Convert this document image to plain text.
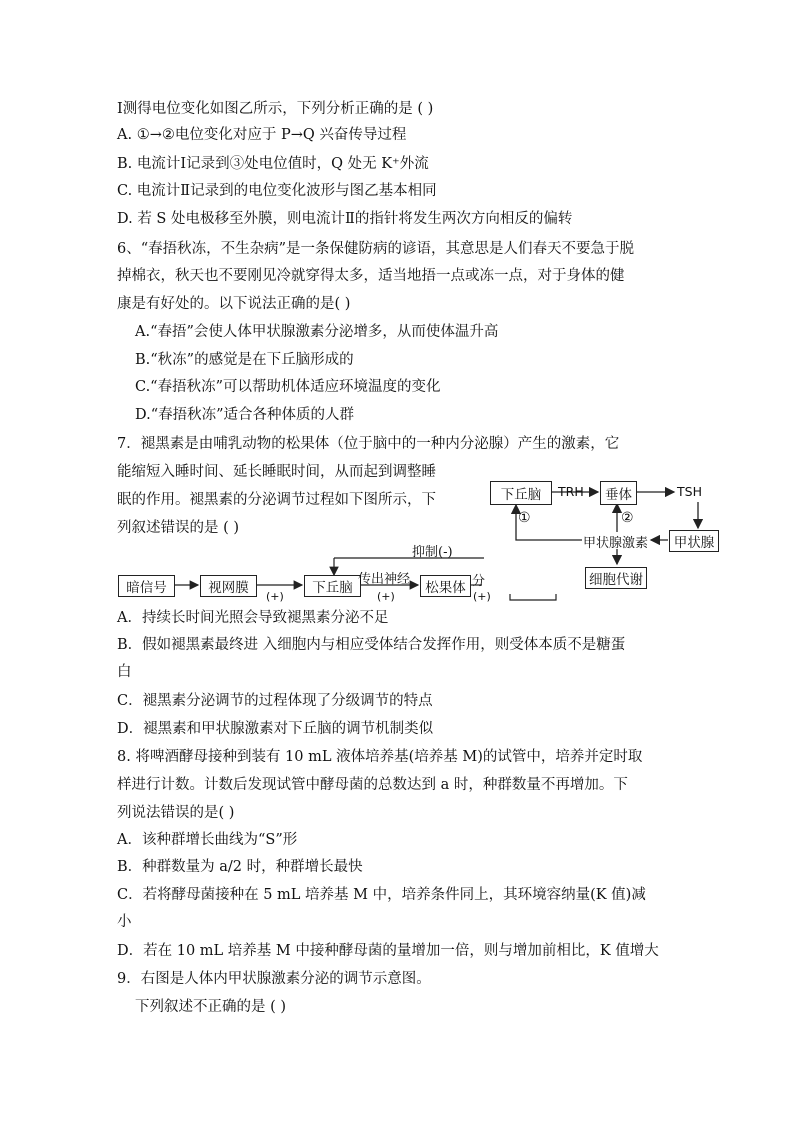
Ⅰ测得电位变化如图乙所示，下列分析正确的是 ( )
A. ①→②电位变化对应于 P→Q 兴奋传导过程
B. 电流计Ⅰ记录到③处电位值时，Q 处无 K⁺外流
C. 电流计Ⅱ记录到的电位变化波形与图乙基本相同
D. 若 S 处电极移至外膜，则电流计Ⅱ的指针将发生两次方向相反的偏转
6、“春捂秋冻，不生杂病”是一条保健防病的谚语，其意思是人们春天不要急于脱
掉棉衣，秋天也不要刚见冷就穿得太多，适当地捂一点或冻一点，对于身体的健
康是有好处的。以下说法正确的是( )
A.“春捂”会使人体甲状腺激素分泌增多，从而使体温升高
B.“秋冻”的感觉是在下丘脑形成的
C.“春捂秋冻”可以帮助机体适应环境温度的变化
D.“春捂秋冻”适合各种体质的人群
7．褪黑素是由哺乳动物的松果体（位于脑中的一种内分泌腺）产生的激素，它
能缩短入睡时间、延长睡眠时间，从而起到调整睡
眠的作用。褪黑素的分泌调节过程如下图所示，下
列叙述错误的是 ( )
A．持续长时间光照会导致褪黑素分泌不足
B．假如褪黑素最终进 入细胞内与相应受体结合发挥作用，则受体本质不是糖蛋
白
C．褪黑素分泌调节的过程体现了分级调节的特点
D．褪黑素和甲状腺激素对下丘脑的调节机制类似
8. 将啤酒酵母接种到装有 10 mL 液体培养基(培养基 M)的试管中，培养并定时取
样进行计数。计数后发现试管中酵母菌的总数达到 a 时，种群数量不再增加。下
列说法错误的是( )
A．该种群增长曲线为“S”形
B．种群数量为 a/2 时，种群增长最快
C．若将酵母菌接种在 5 mL 培养基 M 中，培养条件同上，其环境容纳量(K 值)减
小
D．若在 10 mL 培养基 M 中接种酵母菌的量增加一倍，则与增加前相比，K 值增大
9．右图是人体内甲状腺激素分泌的调节示意图。
下列叙述不正确的是 ( )
下丘脑	TRH	垂体	TSH
甲状腺
甲状腺激素
细胞代谢
①	②
暗信号	视网膜	下丘脑	松果体
抑制(-)
传出神经	分
(+)	(+)	(+)
